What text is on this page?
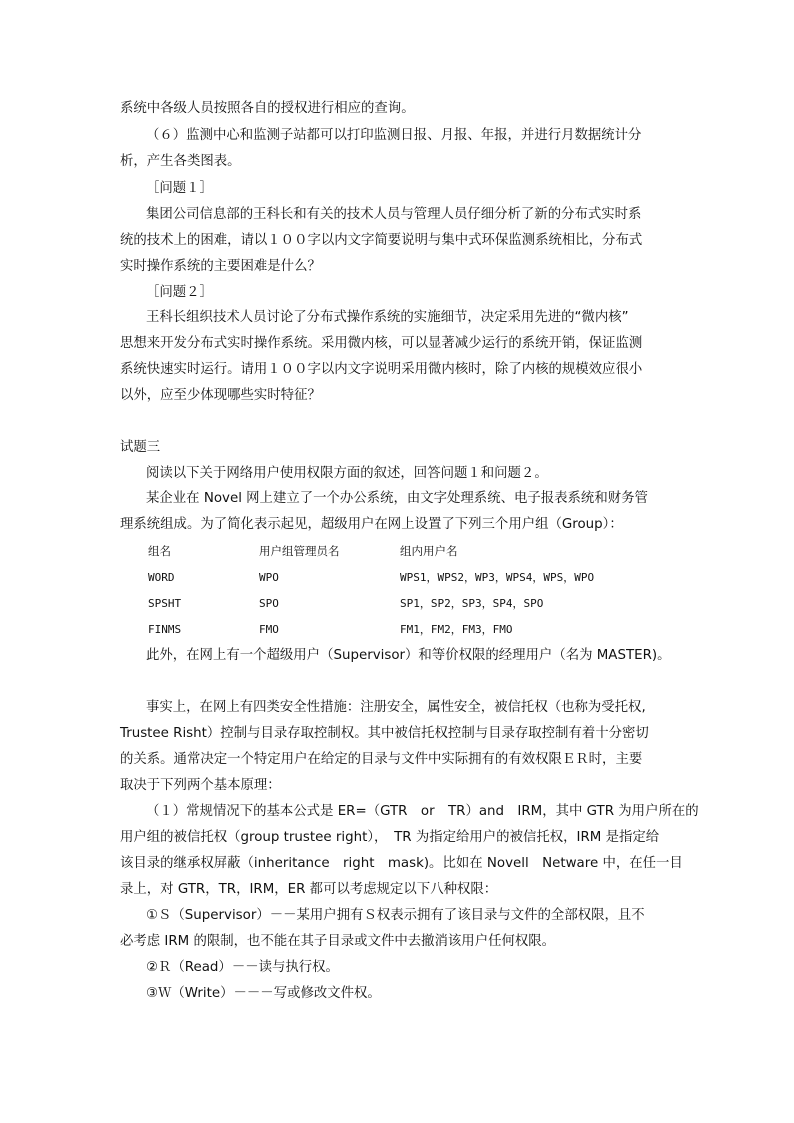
系统中各级人员按照各自的授权进行相应的查询。
（６）监测中心和监测子站都可以打印监测日报、月报、年报，并进行月数据统计分
析，产生各类图表。
［问题１］
集团公司信息部的王科长和有关的技术人员与管理人员仔细分析了新的分布式实时系
统的技术上的困难，请以１００字以内文字简要说明与集中式环保监测系统相比，分布式
实时操作系统的主要困难是什么？
［问题２］
王科长组织技术人员讨论了分布式操作系统的实施细节，决定采用先进的“微内核”
思想来开发分布式实时操作系统。采用微内核，可以显著减少运行的系统开销，保证监测
系统快速实时运行。请用１００字以内文字说明采用微内核时，除了内核的规模效应很小
以外，应至少体现哪些实时特征？
试题三
阅读以下关于网络用户使用权限方面的叙述，回答问题１和问题２。
某企业在 Novel 网上建立了一个办公系统，由文字处理系统、电子报表系统和财务管
理系统组成。为了简化表示起见，超级用户在网上设置了下列三个用户组（Group）：
组名	用户组管理员名	组内用户名
WORD	WPO	WPS1，WPS2，WP3，WPS4，WPS，WPO
SPSHT	SPO	SP1，SP2，SP3，SP4，SPO
FINMS	FMO	FM1，FM2，FM3，FMO
此外，在网上有一个超级用户（Supervisor）和等价权限的经理用户（名为 MASTER)。
事实上，在网上有四类安全性措施：注册安全，属性安全，被信托权（也称为受托权,
Trustee Risht）控制与目录存取控制权。其中被信托权控制与目录存取控制有着十分密切
的关系。通常决定一个特定用户在给定的目录与文件中实际拥有的有效权限ＥＲ时，主要
取决于下列两个基本原理：
（１）常规情况下的基本公式是 ER=（GTR　or　TR）and　IRM，其中 GTR 为用户所在的
用户组的被信托权（group trustee right），　TR 为指定给用户的被信托权，IRM 是指定给
该目录的继承权屏蔽（inheritance　right　mask)。比如在 Novell　Netware 中，在任一目
录上，对 GTR，TR，IRM，ER 都可以考虑规定以下八种权限：
①Ｓ（Supervisor）－－某用户拥有Ｓ权表示拥有了该目录与文件的全部权限，且不
必考虑 IRM 的限制，也不能在其子目录或文件中去撤消该用户任何权限。
②Ｒ（Read）－－读与执行权。
③Ｗ（Write）－－－写或修改文件权。
